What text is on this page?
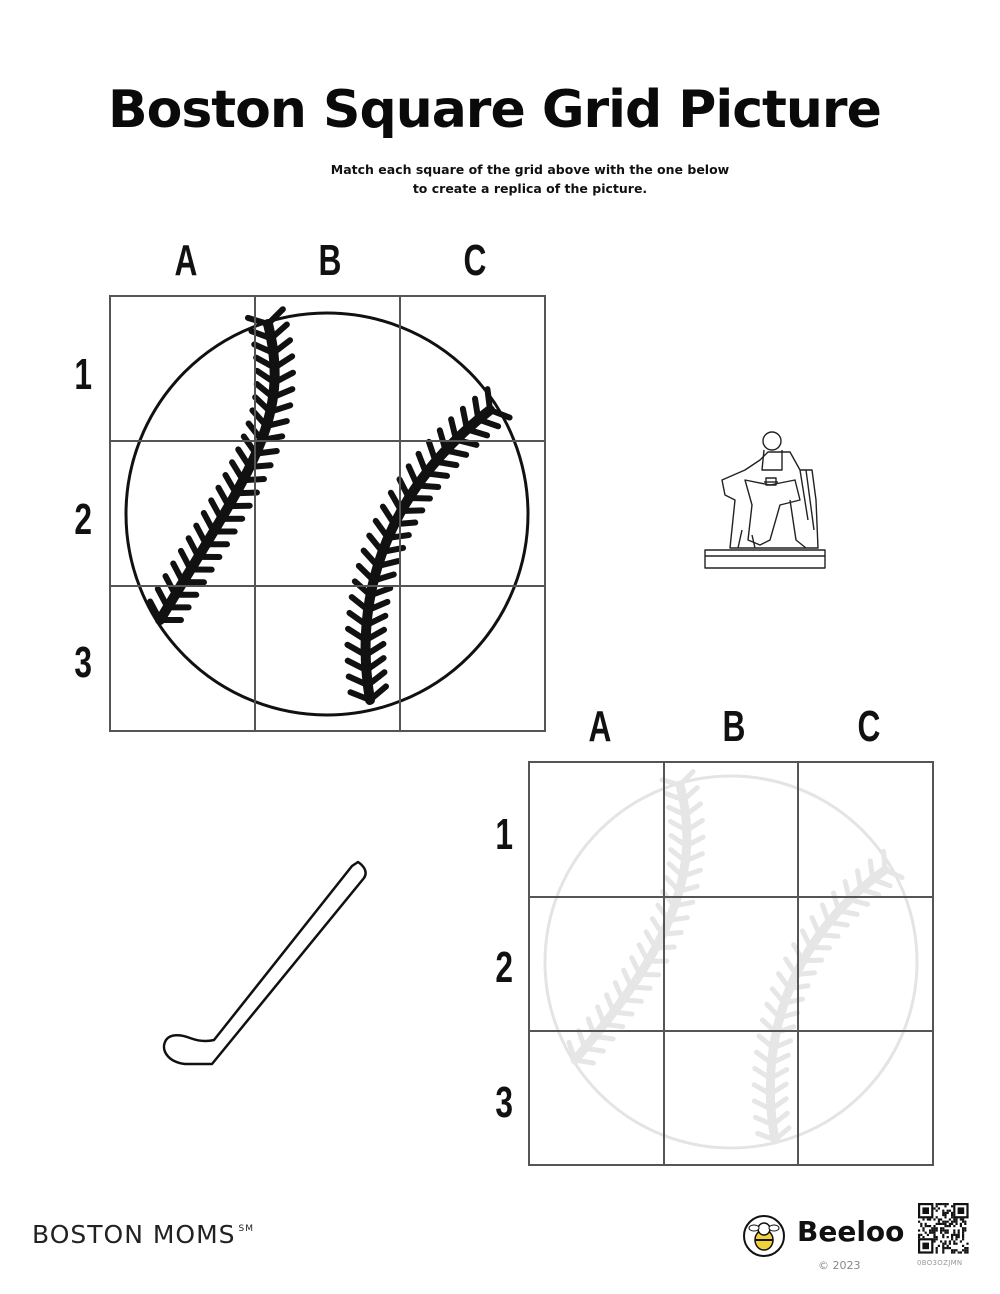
Boston Square Grid Picture
Match each square of the grid above with the one below
to create a replica of the picture.
A	B	C
1
2
3
A	B	C
1
2
3
BOSTON MOMS ℠	Beeloo
© 2023	0BO3OZJMN
